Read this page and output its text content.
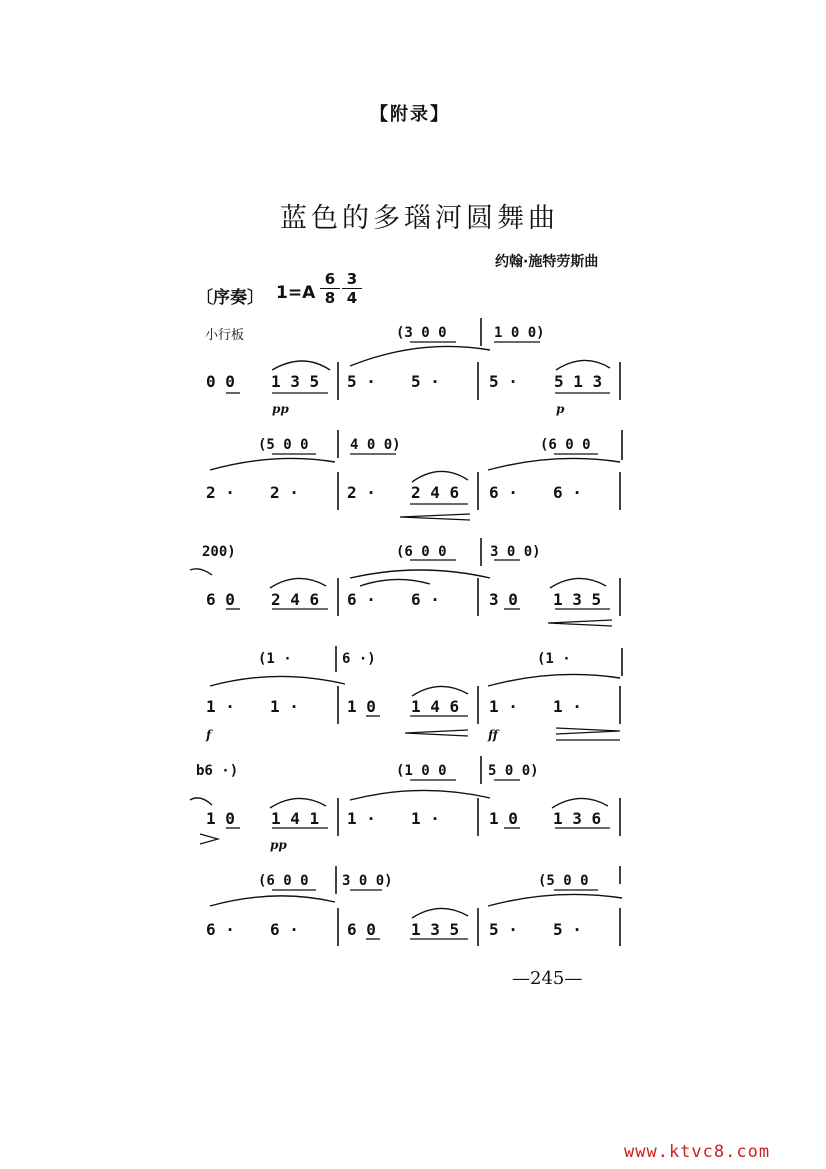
【附录】
蓝色的多瑙河圆舞曲
约翰·施特劳斯曲
〔序奏〕 $1=A \frac{6}{8} \frac{3}{4}$
小行板	(3 0 0	1 0 0)
0 0 1 3 5 5 · 5 ·	5 · 5 1 3
pp	p
(5 0 0	4 0 0)	(6 0 0
2 · 2 ·	2 · 2 4 6 6 · 6 ·
200)	(6 0 0	3 0 0)
6 0 2 4 6 6 · 6 ·	3 0 1 3 5
(1 ·	6 ·)	(1 ·
1 · 1 ·	1 0 1 4 6 1 · 1 ·
f	ff
b6 ·)	(1 0 0	5 0 0)
1 0 1 4 1 1 · 1 ·	1 0 1 3 6
pp
(6 0 0 3 0 0)	(5 0 0
6 · 6 ·	6 0 1 3 5 5 · 5 ·
—245—
www.ktvc8.com
